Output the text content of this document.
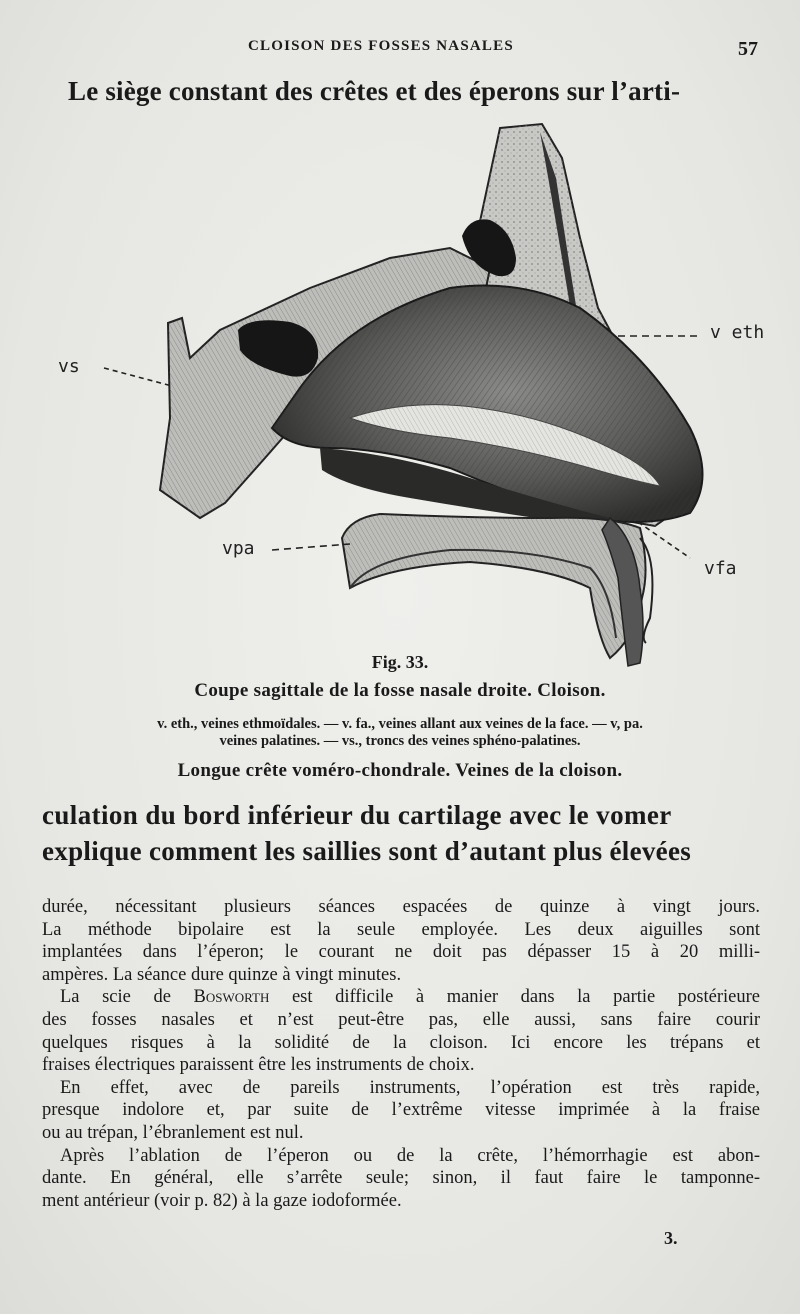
CLOISON DES FOSSES NASALES	57
Le siège constant des crêtes et des éperons sur l’arti-
v eth
vs
vpa
vfa
Fig. 33.
Coupe sagittale de la fosse nasale droite. Cloison.
v. eth., veines ethmoïdales. — v. fa., veines allant aux veines de la face. — v, pa.
veines palatines. — vs., troncs des veines sphéno-palatines.
Longue crête voméro-chondrale. Veines de la cloison.
culation du bord inférieur du cartilage avec le vomer
explique comment les saillies sont d’autant plus élevées
durée, nécessitant plusieurs séances espacées de quinze à vingt jours.
La méthode bipolaire est la seule employée. Les deux aiguilles sont
implantées dans l’éperon; le courant ne doit pas dépasser 15 à 20 milli-
ampères. La séance dure quinze à vingt minutes.
La scie de Bosworth est difficile à manier dans la partie postérieure
des fosses nasales et n’est peut-être pas, elle aussi, sans faire courir
quelques risques à la solidité de la cloison. Ici encore les trépans et
fraises électriques paraissent être les instruments de choix.
En effet, avec de pareils instruments, l’opération est très rapide,
presque indolore et, par suite de l’extrême vitesse imprimée à la fraise
ou au trépan, l’ébranlement est nul.
Après l’ablation de l’éperon ou de la crête, l’hémorrhagie est abon-
dante. En général, elle s’arrête seule; sinon, il faut faire le tamponne-
ment antérieur (voir p. 82) à la gaze iodoformée.
3.
